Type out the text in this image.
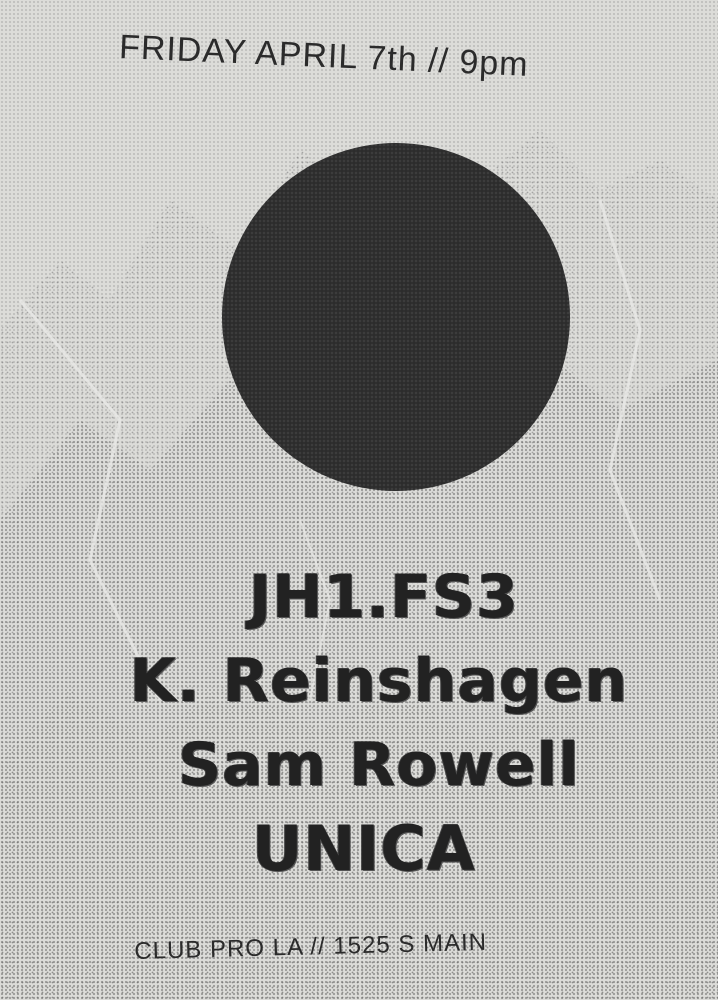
FRIDAY APRIL 7th // 9pm
JH1.FS3
K. Reinshagen
Sam Rowell
UNICA
CLUB PRO LA // 1525 S MAIN
